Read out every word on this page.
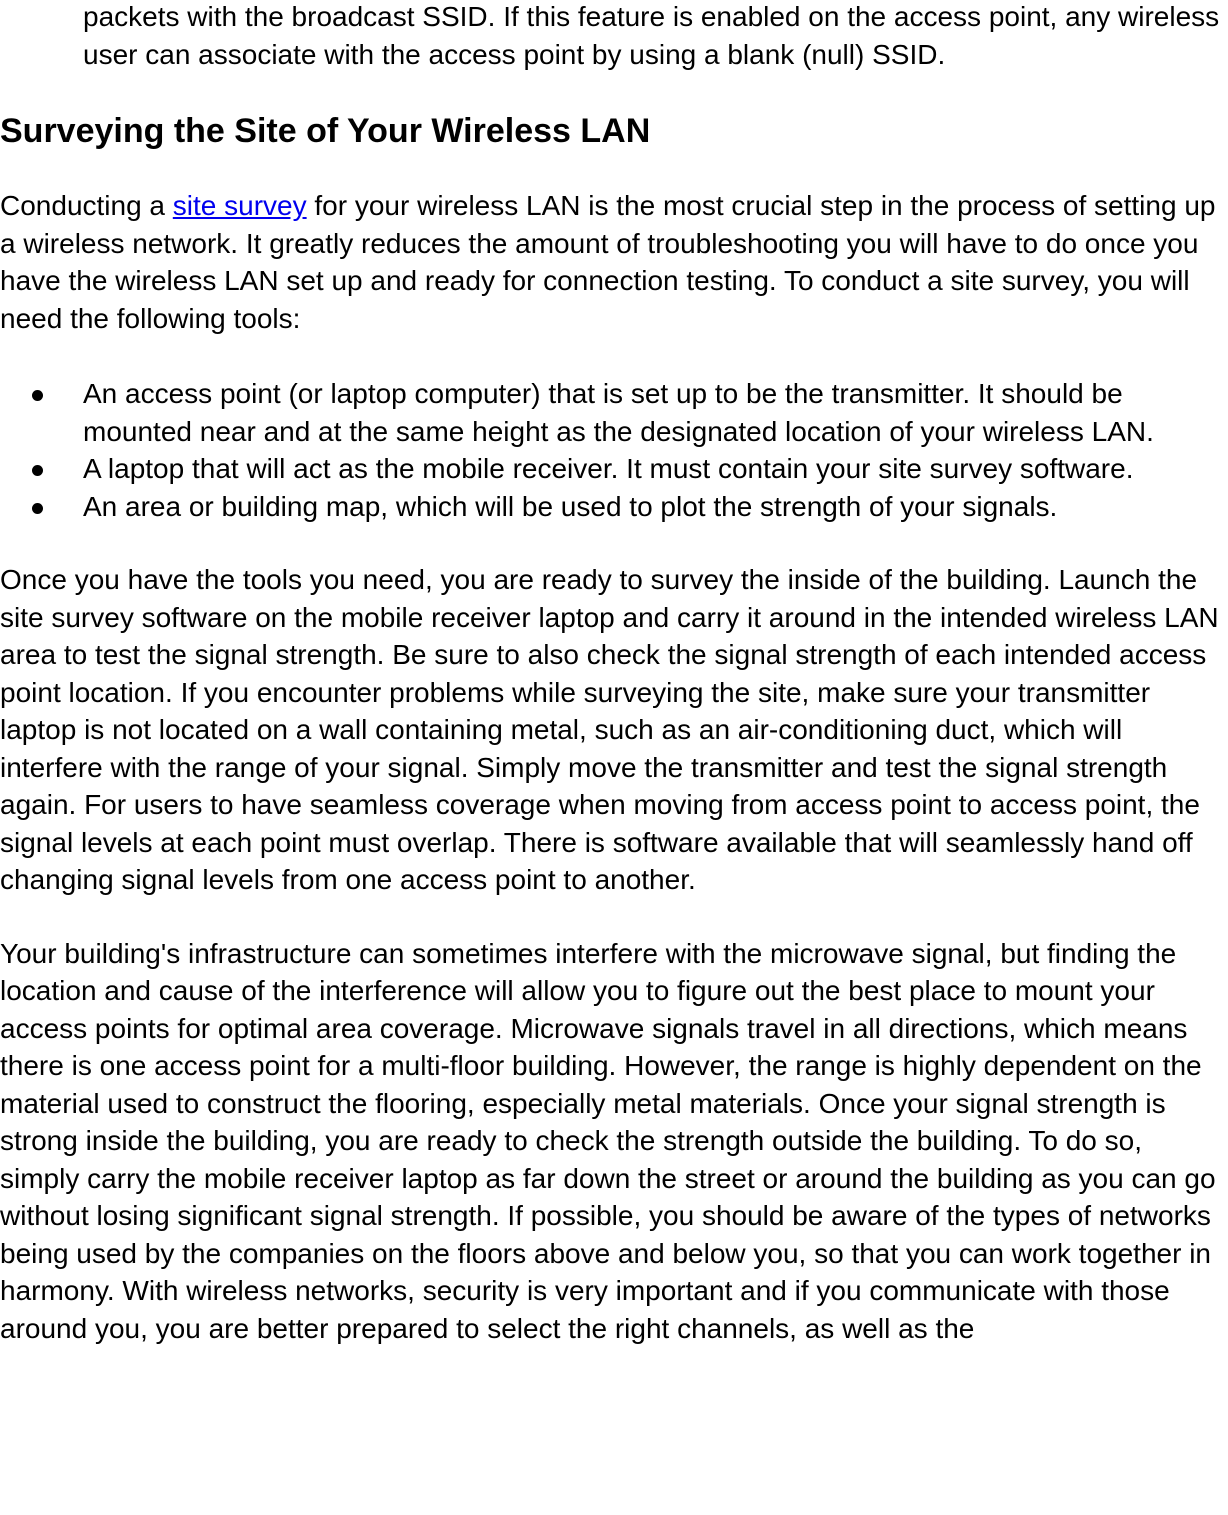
packets with the broadcast SSID. If this feature is enabled on the access point, any wireless user can associate with the access point by using a blank (null) SSID.

Surveying the Site of Your Wireless LAN

Conducting a site survey for your wireless LAN is the most crucial step in the process of setting up a wireless network. It greatly reduces the amount of troubleshooting you will have to do once you have the wireless LAN set up and ready for connection testing. To conduct a site survey, you will need the following tools:

An access point (or laptop computer) that is set up to be the transmitter. It should be mounted near and at the same height as the designated location of your wireless LAN.
A laptop that will act as the mobile receiver. It must contain your site survey software.
An area or building map, which will be used to plot the strength of your signals.

Once you have the tools you need, you are ready to survey the inside of the building. Launch the site survey software on the mobile receiver laptop and carry it around in the intended wireless LAN area to test the signal strength. Be sure to also check the signal strength of each intended access point location. If you encounter problems while surveying the site, make sure your transmitter laptop is not located on a wall containing metal, such as an air-conditioning duct, which will interfere with the range of your signal. Simply move the transmitter and test the signal strength again. For users to have seamless coverage when moving from access point to access point, the signal levels at each point must overlap. There is software available that will seamlessly hand off changing signal levels from one access point to another.

Your building's infrastructure can sometimes interfere with the microwave signal, but finding the location and cause of the interference will allow you to figure out the best place to mount your access points for optimal area coverage. Microwave signals travel in all directions, which means there is one access point for a multi-floor building. However, the range is highly dependent on the material used to construct the flooring, especially metal materials. Once your signal strength is strong inside the building, you are ready to check the strength outside the building. To do so, simply carry the mobile receiver laptop as far down the street or around the building as you can go without losing significant signal strength. If possible, you should be aware of the types of networks being used by the companies on the floors above and below you, so that you can work together in harmony. With wireless networks, security is very important and if you communicate with those around you, you are better prepared to select the right channels, as well as the
